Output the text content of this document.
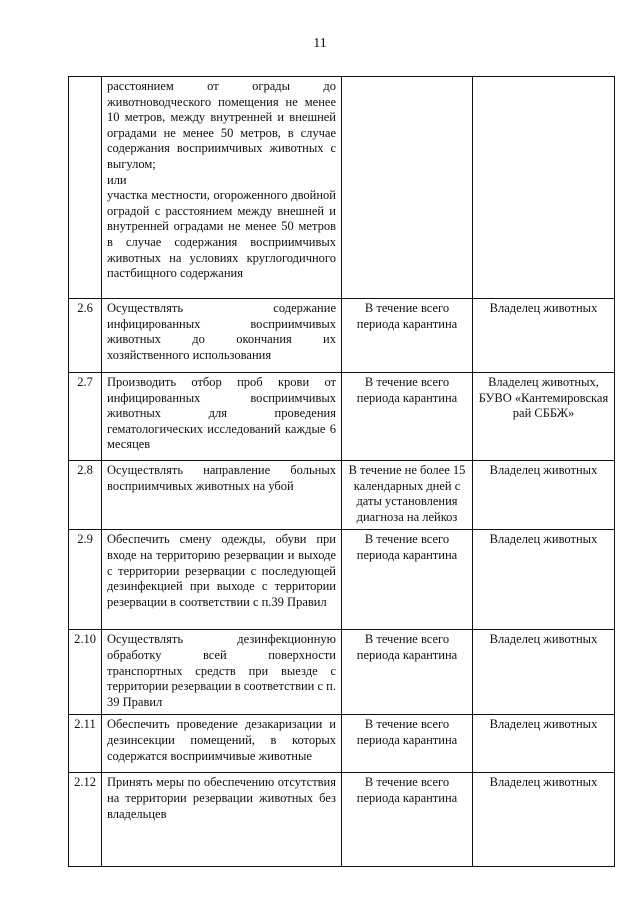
11
	расстоянием от ограды до животноводческого помещения не менее 10 метров, между внутренней и внешней оградами не менее 50 метров, в случае содержания восприимчивых животных с выгулом;
или
участка местности, огороженного двойной оградой с расстоянием между внешней и внутренней оградами не менее 50 метров в случае содержания восприимчивых животных на условиях круглогодичного пастбищного содержания		
2.6	Осуществлять содержание инфицированных восприимчивых животных до окончания их хозяйственного использования	В течение всего периода карантина	Владелец животных
2.7	Производить отбор проб крови от инфицированных восприимчивых животных для проведения гематологических исследований каждые 6 месяцев	В течение всего периода карантина	Владелец животных, БУВО «Кантемировская рай СББЖ»
2.8	Осуществлять направление больных восприимчивых животных на убой	В течение не более 15 календарных дней с даты установления диагноза на лейкоз	Владелец животных
2.9	Обеспечить смену одежды, обуви при входе на территорию резервации и выходе с территории резервации с последующей дезинфекцией при выходе с территории резервации в соответствии с п.39 Правил	В течение всего периода карантина	Владелец животных
2.10	Осуществлять дезинфекционную обработку всей поверхности транспортных средств при выезде с территории резервации в соответствии с п. 39 Правил	В течение всего периода карантина	Владелец животных
2.11	Обеспечить проведение дезакаризации и дезинсекции помещений, в которых содержатся восприимчивые животные	В течение всего периода карантина	Владелец животных
2.12	Принять меры по обеспечению отсутствия на территории резервации животных без владельцев	В течение всего периода карантина	Владелец животных
